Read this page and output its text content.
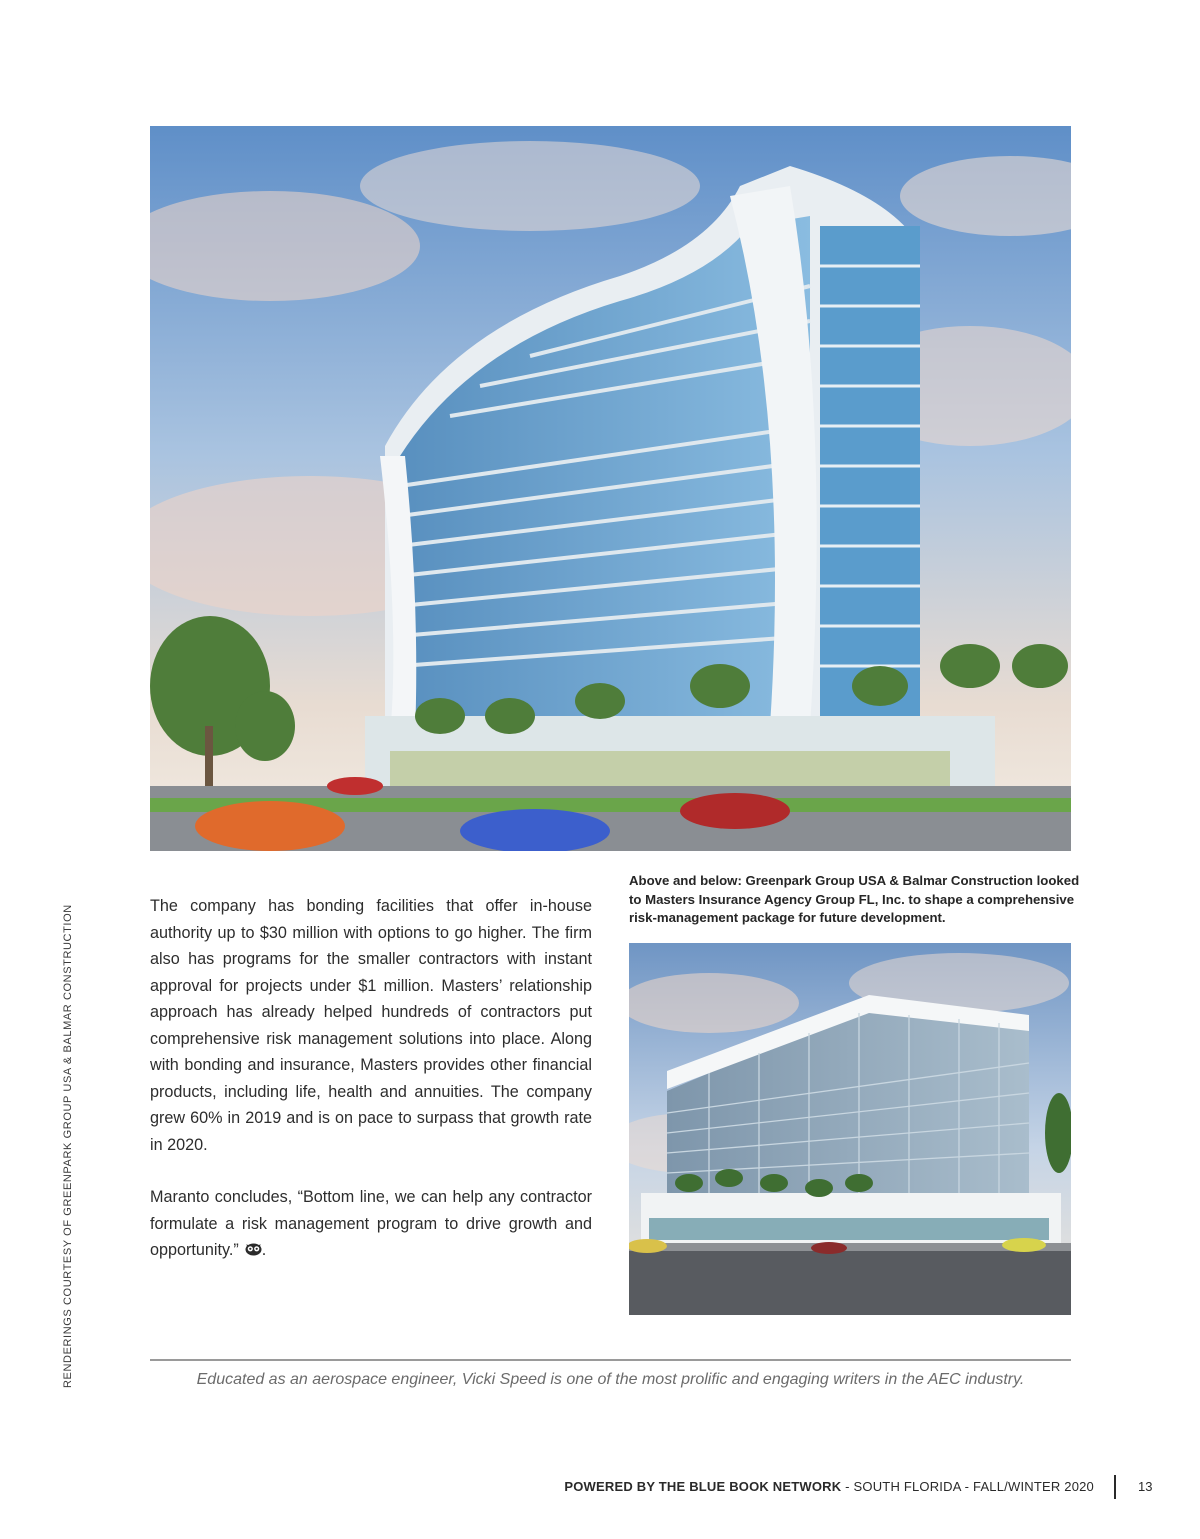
RENDERINGS COURTESY OF GREENPARK GROUP USA & BALMAR CONSTRUCTION
Above and below: Greenpark Group USA & Balmar Construction looked to Masters Insurance Agency Group FL, Inc. to shape a comprehensive risk-management package for future development.

The company has bonding facilities that offer in-house authority up to $30 million with options to go higher. The firm also has programs for the smaller contractors with instant approval for projects under $1 million. Masters’ relationship approach has already helped hundreds of contractors put comprehensive risk management solutions into place. Along with bonding and insurance, Masters provides other financial products, including life, health and annuities. The company grew 60% in 2019 and is on pace to surpass that growth rate in 2020.

Maranto concludes, “Bottom line, we can help any contractor formulate a risk management program to drive growth and opportunity.” .

Educated as an aerospace engineer, Vicki Speed is one of the most prolific and engaging writers in the AEC industry.
POWERED BY THE BLUE BOOK NETWORK - SOUTH FLORIDA - FALL/WINTER 2020	13
